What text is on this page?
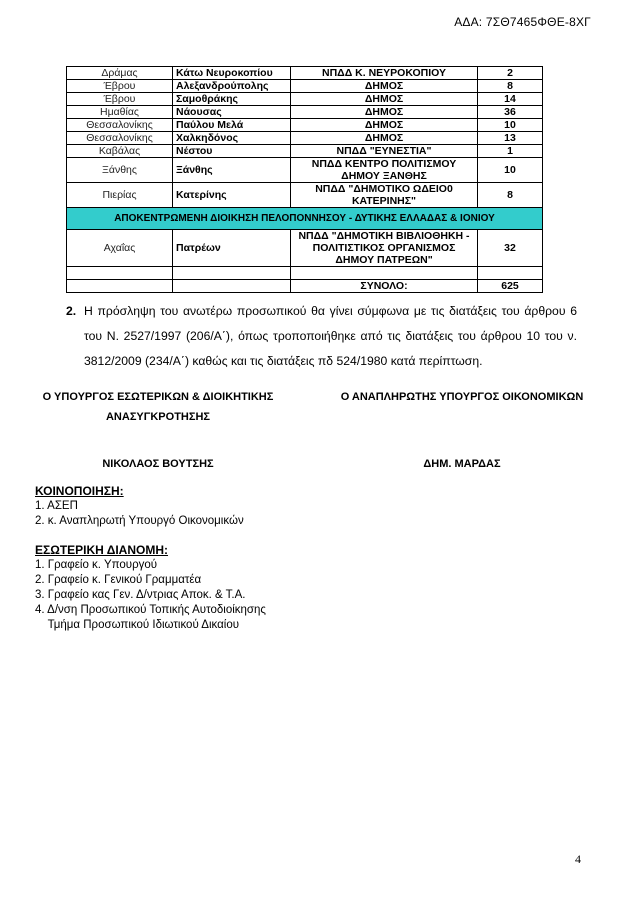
ΑΔΑ: 7ΣΘ7465ΦΘΕ-8ΧΓ
Δράμας	Κάτω Νευροκοπίου	ΝΠΔΔ Κ. ΝΕΥΡΟΚΟΠΙΟΥ	2
Έβρου	Αλεξανδρούπολης	ΔΗΜΟΣ	8
Έβρου	Σαμοθράκης	ΔΗΜΟΣ	14
Ημαθίας	Νάουσας	ΔΗΜΟΣ	36
Θεσσαλονίκης	Παύλου Μελά	ΔΗΜΟΣ	10
Θεσσαλονίκης	Χαλκηδόνος	ΔΗΜΟΣ	13
Καβάλας	Νέστου	ΝΠΔΔ "ΕΥΝΕΣΤΙΑ"	1
Ξάνθης	Ξάνθης	ΝΠΔΔ ΚΕΝΤΡΟ ΠΟΛΙΤΙΣΜΟΥ ΔΗΜΟΥ ΞΑΝΘΗΣ	10
Πιερίας	Κατερίνης	ΝΠΔΔ "ΔΗΜΟΤΙΚΟ ΩΔΕΙΟ0 ΚΑΤΕΡΙΝΗΣ"	8
ΑΠΟΚΕΝΤΡΩΜΕΝΗ ΔΙΟΙΚΗΣΗ ΠΕΛΟΠΟΝΝΗΣΟΥ - ΔΥΤΙΚΗΣ ΕΛΛΑΔΑΣ & ΙΟΝΙΟΥ			
Αχαΐας	Πατρέων	ΝΠΔΔ "ΔΗΜΟΤΙΚΗ ΒΙΒΛΙΟΘΗΚΗ - ΠΟΛΙΤΙΣΤΙΚΟΣ ΟΡΓΑΝΙΣΜΟΣ ΔΗΜΟΥ ΠΑΤΡΕΩΝ"	32

		ΣΥΝΟΛΟ:	625
2. Η πρόσληψη του ανωτέρω προσωπικού θα γίνει σύμφωνα με τις διατάξεις του άρθρου 6 του Ν. 2527/1997 (206/Α΄), όπως τροποποιήθηκε από τις διατάξεις του άρθρου 10 του ν. 3812/2009 (234/Α΄) καθώς και τις διατάξεις πδ 524/1980 κατά περίπτωση.
Ο ΥΠΟΥΡΓΟΣ ΕΣΩΤΕΡΙΚΩΝ & ΔΙΟΙΚΗΤΙΚΗΣ
ΑΝΑΣΥΓΚΡΟΤΗΣΗΣ
ΝΙΚΟΛΑΟΣ ΒΟΥΤΣΗΣ
Ο ΑΝΑΠΛΗΡΩΤΗΣ ΥΠΟΥΡΓΟΣ ΟΙΚΟΝΟΜΙΚΩΝ
ΔΗΜ. ΜΑΡΔΑΣ
ΚΟΙΝΟΠΟΙΗΣΗ:
1. ΑΣΕΠ
2. κ. Αναπληρωτή Υπουργό Οικονομικών
ΕΣΩΤΕΡΙΚΗ ΔΙΑΝΟΜΗ:
1. Γραφείο κ. Υπουργού
2. Γραφείο κ. Γενικού Γραμματέα
3. Γραφείο κας Γεν. Δ/ντριας Αποκ. & Τ.Α.
4. Δ/νση Προσωπικού Τοπικής Αυτοδιοίκησης
Τμήμα Προσωπικού Ιδιωτικού Δικαίου
4
